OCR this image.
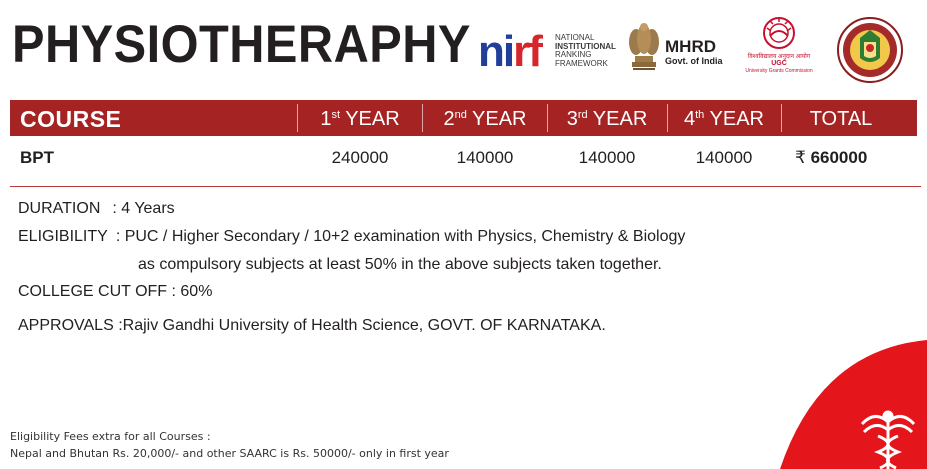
PHYSIOTHERAPHY nirf NATIONAL
INSTITUTIONAL
RANKING
FRAMEWORK
MHRD
Govt. of India	विश्वविद्यालय अनुदान आयोग
UGC
University Grants Commission
COURSE	1st YEAR	2nd YEAR	3rd YEAR	4th YEAR	TOTAL
BPT	240000	140000	140000	140000	₹ 660000
DURATION : 4 Years
ELIGIBILITY : PUC / Higher Secondary / 10+2 examination with Physics, Chemistry & Biology
as compulsory subjects at least 50% in the above subjects taken together.
COLLEGE CUT OFF : 60%
APPROVALS :Rajiv Gandhi University of Health Science, GOVT. OF KARNATAKA.
Eligibility Fees extra for all Courses :
Nepal and Bhutan Rs. 20,000/- and other SAARC is Rs. 50000/- only in first year
